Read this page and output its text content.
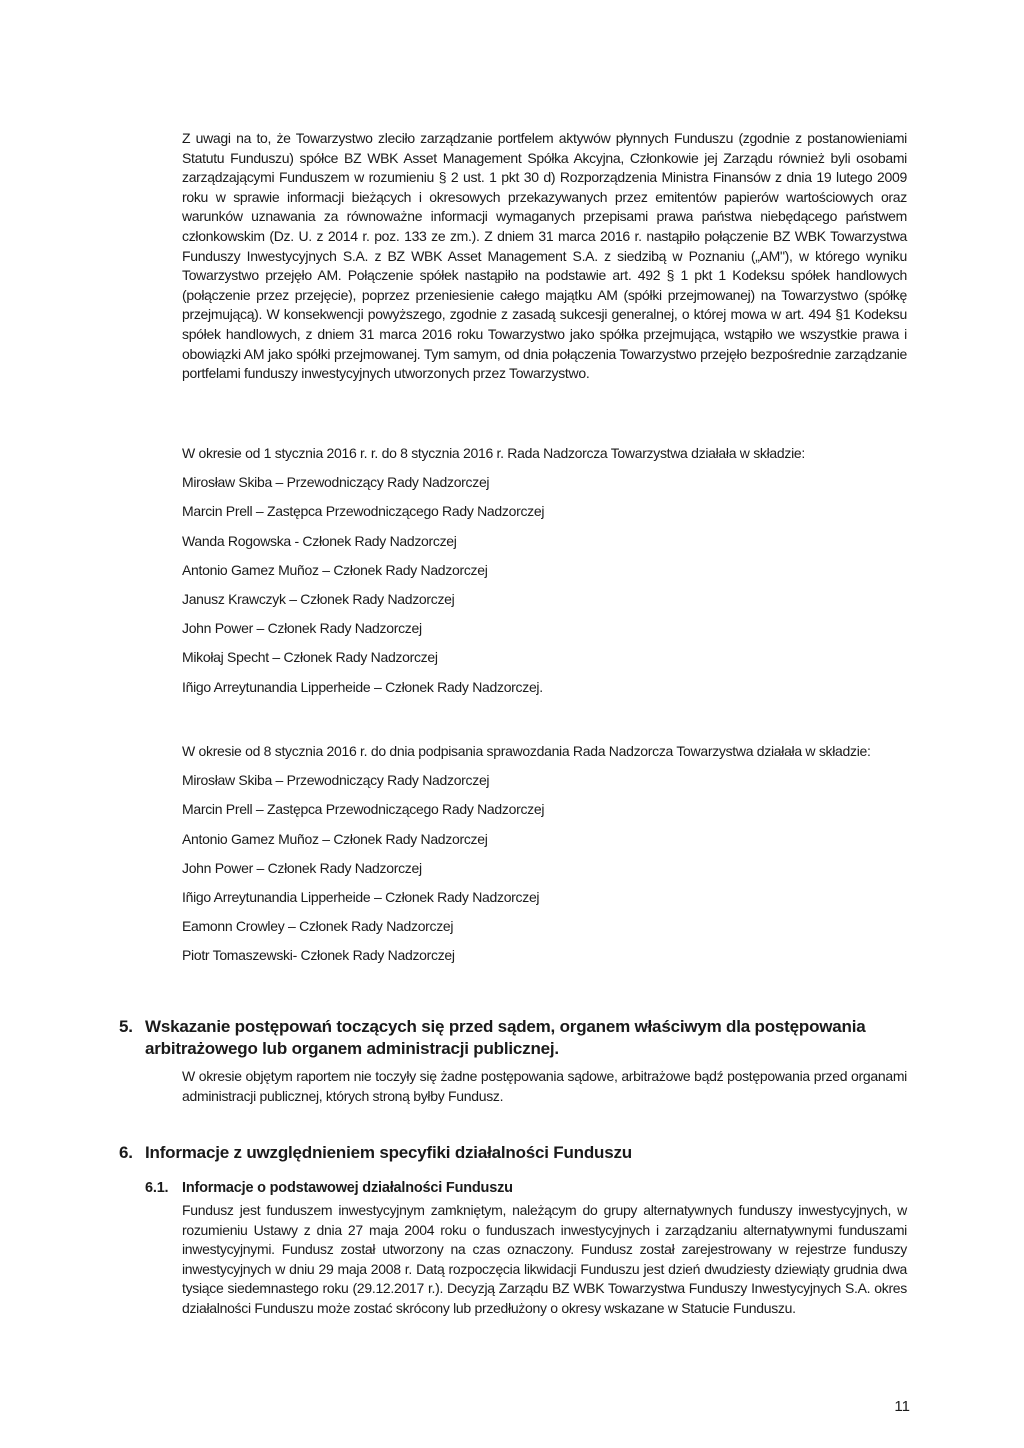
Z uwagi na to, że Towarzystwo zleciło zarządzanie portfelem aktywów płynnych Funduszu (zgodnie z postanowieniami Statutu Funduszu) spółce BZ WBK Asset Management Spółka Akcyjna, Członkowie jej Zarządu również byli osobami zarządzającymi Funduszem w rozumieniu § 2 ust. 1 pkt 30 d) Rozporządzenia Ministra Finansów z dnia 19 lutego 2009 roku w sprawie informacji bieżących i okresowych przekazywanych przez emitentów papierów wartościowych oraz warunków uznawania za równoważne informacji wymaganych przepisami prawa państwa niebędącego państwem członkowskim (Dz. U. z 2014 r. poz. 133 ze zm.). Z dniem 31 marca 2016 r. nastąpiło połączenie BZ WBK Towarzystwa Funduszy Inwestycyjnych S.A. z BZ WBK Asset Management S.A. z siedzibą w Poznaniu („AM"), w którego wyniku Towarzystwo przejęło AM. Połączenie spółek nastąpiło na podstawie art. 492 § 1 pkt 1 Kodeksu spółek handlowych (połączenie przez przejęcie), poprzez przeniesienie całego majątku AM (spółki przejmowanej) na Towarzystwo (spółkę przejmującą). W konsekwencji powyższego, zgodnie z zasadą sukcesji generalnej, o której mowa w art. 494 §1 Kodeksu spółek handlowych, z dniem 31 marca 2016 roku Towarzystwo jako spółka przejmująca, wstąpiło we wszystkie prawa i obowiązki AM jako spółki przejmowanej. Tym samym, od dnia połączenia Towarzystwo przejęło bezpośrednie zarządzanie portfelami funduszy inwestycyjnych utworzonych przez Towarzystwo.

W okresie od 1 stycznia 2016 r. r. do 8 stycznia 2016 r. Rada Nadzorcza Towarzystwa działała w składzie:

Mirosław Skiba – Przewodniczący Rady Nadzorczej
Marcin Prell – Zastępca Przewodniczącego Rady Nadzorczej
Wanda Rogowska - Członek Rady Nadzorczej
Antonio Gamez Muñoz – Członek Rady Nadzorczej
Janusz Krawczyk – Członek Rady Nadzorczej
John Power – Członek Rady Nadzorczej
Mikołaj Specht – Członek Rady Nadzorczej
Iñigo Arreytunandia Lipperheide – Członek Rady Nadzorczej.

W okresie od 8 stycznia 2016 r. do dnia podpisania sprawozdania Rada Nadzorcza Towarzystwa działała w składzie:

Mirosław Skiba – Przewodniczący Rady Nadzorczej
Marcin Prell – Zastępca Przewodniczącego Rady Nadzorczej
Antonio Gamez Muñoz – Członek Rady Nadzorczej
John Power – Członek Rady Nadzorczej
Iñigo Arreytunandia Lipperheide – Członek Rady Nadzorczej
Eamonn Crowley – Członek Rady Nadzorczej
Piotr Tomaszewski- Członek Rady Nadzorczej
5. Wskazanie postępowań toczących się przed sądem, organem właściwym dla postępowania arbitrażowego lub organem administracji publicznej.

W okresie objętym raportem nie toczyły się żadne postępowania sądowe, arbitrażowe bądź postępowania przed organami administracji publicznej, których stroną byłby Fundusz.

6. Informacje z uwzględnieniem specyfiki działalności Funduszu
6.1. Informacje o podstawowej działalności Funduszu

Fundusz jest funduszem inwestycyjnym zamkniętym, należącym do grupy alternatywnych funduszy inwestycyjnych, w rozumieniu Ustawy z dnia 27 maja 2004 roku o funduszach inwestycyjnych i zarządzaniu alternatywnymi funduszami inwestycyjnymi. Fundusz został utworzony na czas oznaczony. Fundusz został zarejestrowany w rejestrze funduszy inwestycyjnych w dniu 29 maja 2008 r. Datą rozpoczęcia likwidacji Funduszu jest dzień dwudziesty dziewiąty grudnia dwa tysiące siedemnastego roku (29.12.2017 r.). Decyzją Zarządu BZ WBK Towarzystwa Funduszy Inwestycyjnych S.A. okres działalności Funduszu może zostać skrócony lub przedłużony o okresy wskazane w Statucie Funduszu.

11
